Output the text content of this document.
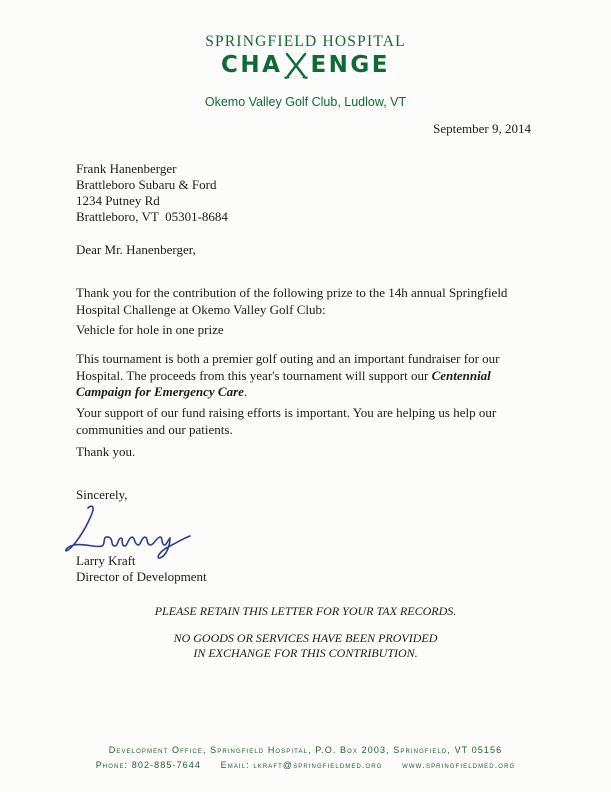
SPRINGFIELD HOSPITAL
CHA ENGE
Okemo Valley Golf Club, Ludlow, VT
September 9, 2014
Frank Hanenberger
Brattleboro Subaru & Ford
1234 Putney Rd
Brattleboro, VT  05301-8684
Dear Mr. Hanenberger,
Thank you for the contribution of the following prize to the 14h annual Springfield Hospital Challenge at Okemo Valley Golf Club:
Vehicle for hole in one prize
This tournament is both a premier golf outing and an important fundraiser for our Hospital. The proceeds from this year's tournament will support our Centennial Campaign for Emergency Care.
Your support of our fund raising efforts is important. You are helping us help our communities and our patients.
Thank you.
Sincerely,
Larry Kraft
Director of Development
PLEASE RETAIN THIS LETTER FOR YOUR TAX RECORDS.
NO GOODS OR SERVICES HAVE BEEN PROVIDED
IN EXCHANGE FOR THIS CONTRIBUTION.
Development Office, Springfield Hospital, P.O. Box 2003, Springfield, VT 05156
Phone: 802-885-7644 Email: lkraft@springfieldmed.org www.springfieldmed.org
